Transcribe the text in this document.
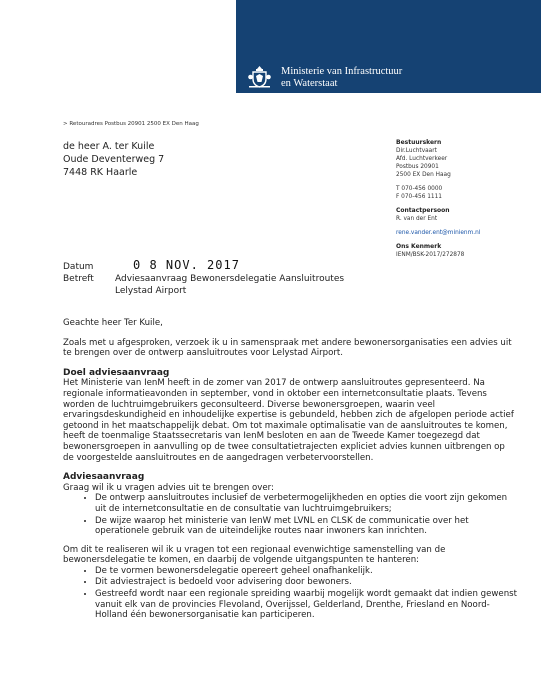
Ministerie van Infrastructuur
en Waterstaat
> Retouradres Postbus 20901 2500 EX Den Haag
de heer A. ter Kuile
Oude Deventerweg 7
7448 RK Haarle
Bestuurskern
Dir.Luchtvaart
Afd. Luchtverkeer
Postbus 20901
2500 EX Den Haag
T 070-456 0000
F 070-456 1111
Contactpersoon
R. van der Ent
rene.vander.ent@minienm.nl
Ons Kenmerk
IENM/BSK-2017/272878
Datum	0 8 NOV. 2017
Betreft	Adviesaanvraag Bewonersdelegatie Aansluitroutes
Lelystad Airport

Geachte heer Ter Kuile,

Zoals met u afgesproken, verzoek ik u in samenspraak met andere bewonersorganisaties een advies uit te brengen over de ontwerp aansluitroutes voor Lelystad Airport.

Doel adviesaanvraag

Het Ministerie van IenM heeft in de zomer van 2017 de ontwerp aansluitroutes gepresenteerd. Na regionale informatieavonden in september, vond in oktober een internetconsultatie plaats. Tevens worden de luchtruimgebruikers geconsulteerd. Diverse bewonersgroepen, waarin veel ervaringsdeskundigheid en inhoudelijke expertise is gebundeld, hebben zich de afgelopen periode actief getoond in het maatschappelijk debat. Om tot maximale optimalisatie van de aansluitroutes te komen, heeft de toenmalige Staatssecretaris van IenM besloten en aan de Tweede Kamer toegezegd dat bewonersgroepen in aanvulling op de twee consultatietrajecten expliciet advies kunnen uitbrengen op de voorgestelde aansluitroutes en de aangedragen verbetervoorstellen.

Adviesaanvraag

Graag wil ik u vragen advies uit te brengen over:

• De ontwerp aansluitroutes inclusief de verbetermogelijkheden en opties die voort zijn gekomen uit de internetconsultatie en de consultatie van luchtruimgebruikers;
• De wijze waarop het ministerie van IenW met LVNL en CLSK de communicatie over het operationele gebruik van de uiteindelijke routes naar inwoners kan inrichten.

Om dit te realiseren wil ik u vragen tot een regionaal evenwichtige samenstelling van de bewonersdelegatie te komen, en daarbij de volgende uitgangspunten te hanteren:

• De te vormen bewonersdelegatie opereert geheel onafhankelijk.
• Dit adviestraject is bedoeld voor advisering door bewoners.
• Gestreefd wordt naar een regionale spreiding waarbij mogelijk wordt gemaakt dat indien gewenst vanuit elk van de provincies Flevoland, Overijssel, Gelderland, Drenthe, Friesland en Noord-Holland één bewonersorganisatie kan participeren.
